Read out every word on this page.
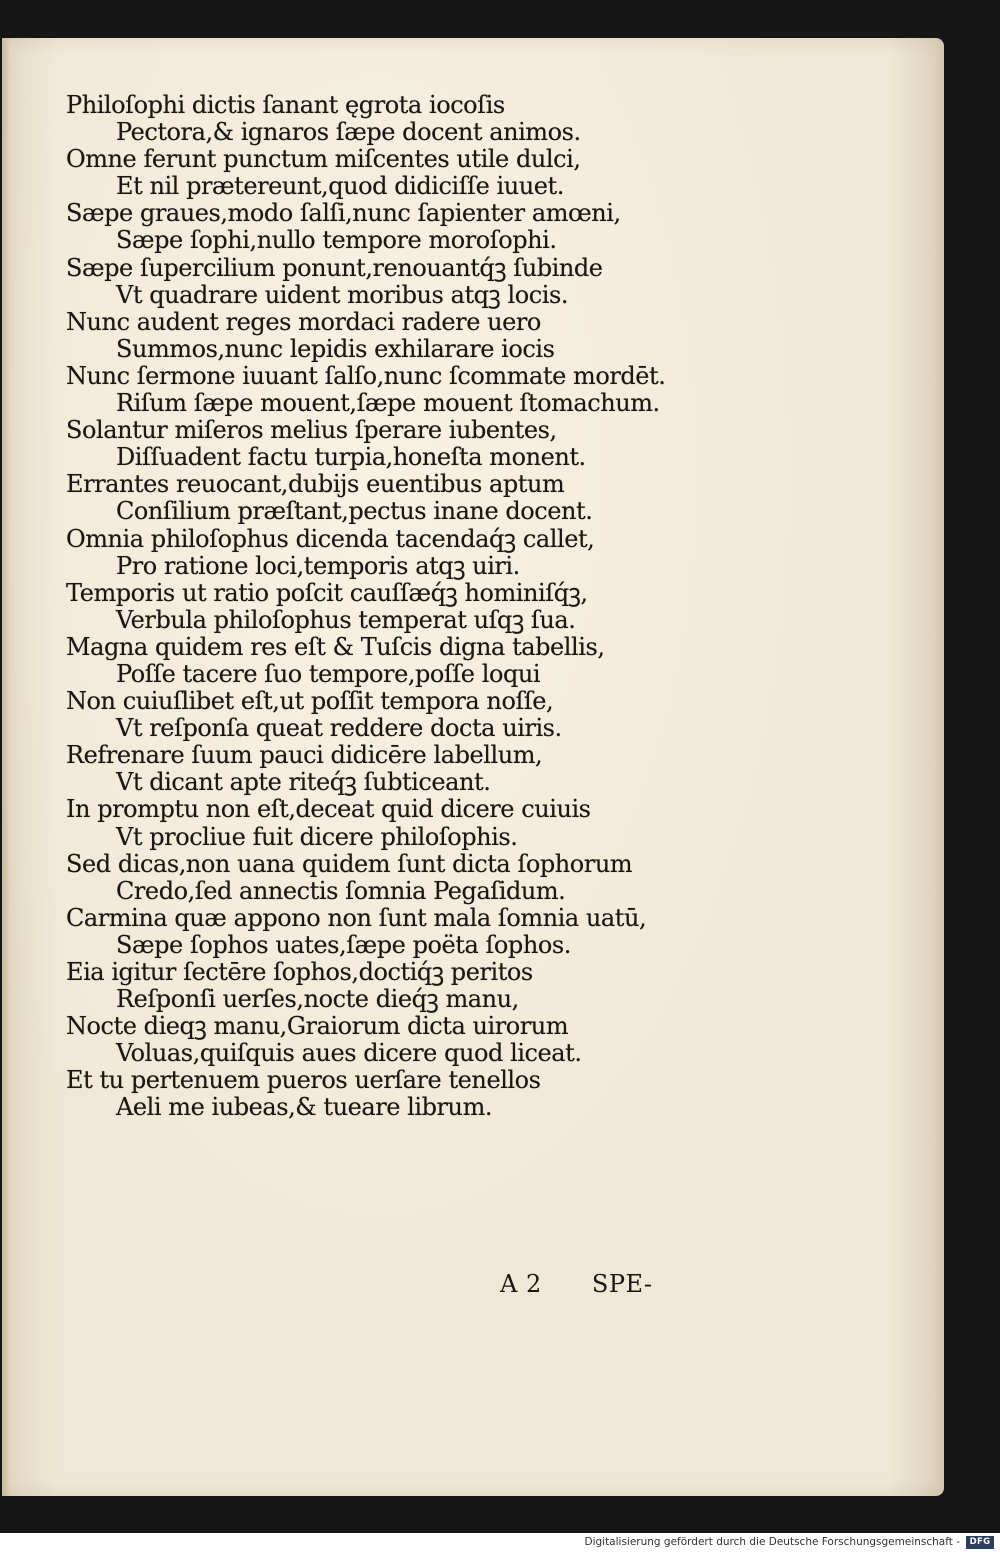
Philoſophi dictis ſanant ęgrota iocoſis
Pectora,& ignaros ſæpe docent animos.
Omne ferunt punctum miſcentes utile dulci,
Et nil prætereunt,quod didiciſſe iuuet.
Sæpe graues,modo ſalſi,nunc ſapienter amœni,
Sæpe ſophi,nullo tempore moroſophi.
Sæpe ſupercilium ponunt,renouantq́ꝫ ſubinde
Vt quadrare uident moribus atqꝫ locis.
Nunc audent reges mordaci radere uero
Summos,nunc lepidis exhilarare iocis
Nunc ſermone iuuant ſalſo,nunc ſcommate mordēt.
Riſum ſæpe mouent,ſæpe mouent ſtomachum.
Solantur miſeros melius ſperare iubentes,
Diſſuadent factu turpia,honeſta monent.
Errantes reuocant,dubijs euentibus aptum
Conſilium præſtant,pectus inane docent.
Omnia philoſophus dicenda tacendaq́ꝫ callet,
Pro ratione loci,temporis atqꝫ uiri.
Temporis ut ratio poſcit cauſſæq́ꝫ hominiſq́ꝫ,
Verbula philoſophus temperat uſqꝫ ſua.
Magna quidem res eſt & Tuſcis digna tabellis,
Poſſe tacere ſuo tempore,poſſe loqui
Non cuiuſlibet eſt,ut poſſit tempora noſſe,
Vt reſponſa queat reddere docta uiris.
Refrenare ſuum pauci didicēre labellum,
Vt dicant apte riteq́ꝫ ſubticeant.
In promptu non eſt,deceat quid dicere cuiuis
Vt procliue fuit dicere philoſophis.
Sed dicas,non uana quidem ſunt dicta ſophorum
Credo,ſed annectis ſomnia Pegaſidum.
Carmina quæ appono non ſunt mala ſomnia uatū,
Sæpe ſophos uates,ſæpe poëta ſophos.
Eia igitur ſectēre ſophos,doctiq́ꝫ peritos
Reſponſi uerſes,nocte dieq́ꝫ manu,
Nocte dieqꝫ manu,Graiorum dicta uirorum
Voluas,quiſquis aues dicere quod liceat.
Et tu pertenuem pueros uerſare tenellos
Aeli me iubeas,& tueare librum.
A 2 SPE-
Digitalisierung gefördert durch die Deutsche Forschungsgemeinschaft -	DFG
